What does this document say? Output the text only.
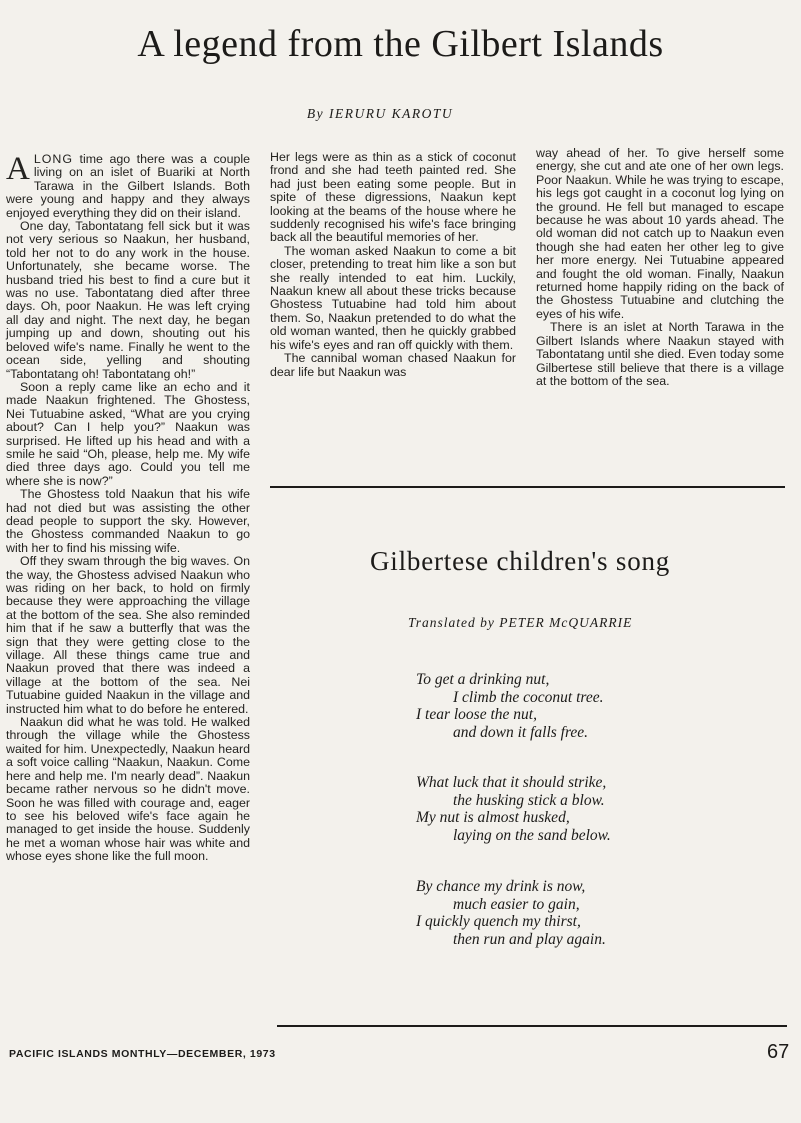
A legend from the Gilbert Islands
By IERURU KAROTU

ALONG time ago there was a couple living on an islet of Buariki at North Tarawa in the Gilbert Islands. Both were young and happy and they always enjoyed everything they did on their island.

One day, Tabontatang fell sick but it was not very serious so Naakun, her husband, told her not to do any work in the house. Unfortunately, she became worse. The husband tried his best to find a cure but it was no use. Tabontatang died after three days. Oh, poor Naakun. He was left crying all day and night. The next day, he began jumping up and down, shouting out his beloved wife's name. Finally he went to the ocean side, yelling and shouting “Tabontatang oh! Tabontatang oh!”

Soon a reply came like an echo and it made Naakun frightened. The Ghostess, Nei Tutuabine asked, “What are you crying about? Can I help you?” Naakun was surprised. He lifted up his head and with a smile he said “Oh, please, help me. My wife died three days ago. Could you tell me where she is now?”

The Ghostess told Naakun that his wife had not died but was assisting the other dead people to support the sky. However, the Ghostess commanded Naakun to go with her to find his missing wife.

Off they swam through the big waves. On the way, the Ghostess advised Naakun who was riding on her back, to hold on firmly because they were approaching the village at the bottom of the sea. She also reminded him that if he saw a butterfly that was the sign that they were getting close to the village. All these things came true and Naakun proved that there was indeed a village at the bottom of the sea. Nei Tutuabine guided Naakun in the village and instructed him what to do before he entered.

Naakun did what he was told. He walked through the village while the Ghostess waited for him. Unexpectedly, Naakun heard a soft voice calling “Naakun, Naakun. Come here and help me. I'm nearly dead”. Naakun became rather nervous so he didn't move. Soon he was filled with courage and, eager to see his beloved wife's face again he managed to get inside the house. Suddenly he met a woman whose hair was white and whose eyes shone like the full moon.

Her legs were as thin as a stick of coconut frond and she had teeth painted red. She had just been eating some people. But in spite of these digressions, Naakun kept looking at the beams of the house where he suddenly recognised his wife's face bringing back all the beautiful memories of her.

The woman asked Naakun to come a bit closer, pretending to treat him like a son but she really intended to eat him. Luckily, Naakun knew all about these tricks because Ghostess Tutuabine had told him about them. So, Naakun pretended to do what the old woman wanted, then he quickly grabbed his wife's eyes and ran off quickly with them.

The cannibal woman chased Naakun for dear life but Naakun was

way ahead of her. To give herself some energy, she cut and ate one of her own legs. Poor Naakun. While he was trying to escape, his legs got caught in a coconut log lying on the ground. He fell but managed to escape because he was about 10 yards ahead. The old woman did not catch up to Naakun even though she had eaten her other leg to give her more energy. Nei Tutuabine appeared and fought the old woman. Finally, Naakun returned home happily riding on the back of the Ghostess Tutuabine and clutching the eyes of his wife.

There is an islet at North Tarawa in the Gilbert Islands where Naakun stayed with Tabontatang until she died. Even today some Gilbertese still believe that there is a village at the bottom of the sea.

Gilbertese children's song
Translated by PETER McQUARRIE
To get a drinking nut,
I climb the coconut tree.
I tear loose the nut,
and down it falls free.
What luck that it should strike,
the husking stick a blow.
My nut is almost husked,
laying on the sand below.
By chance my drink is now,
much easier to gain,
I quickly quench my thirst,
then run and play again.
PACIFIC ISLANDS MONTHLY—DECEMBER, 1973	67
